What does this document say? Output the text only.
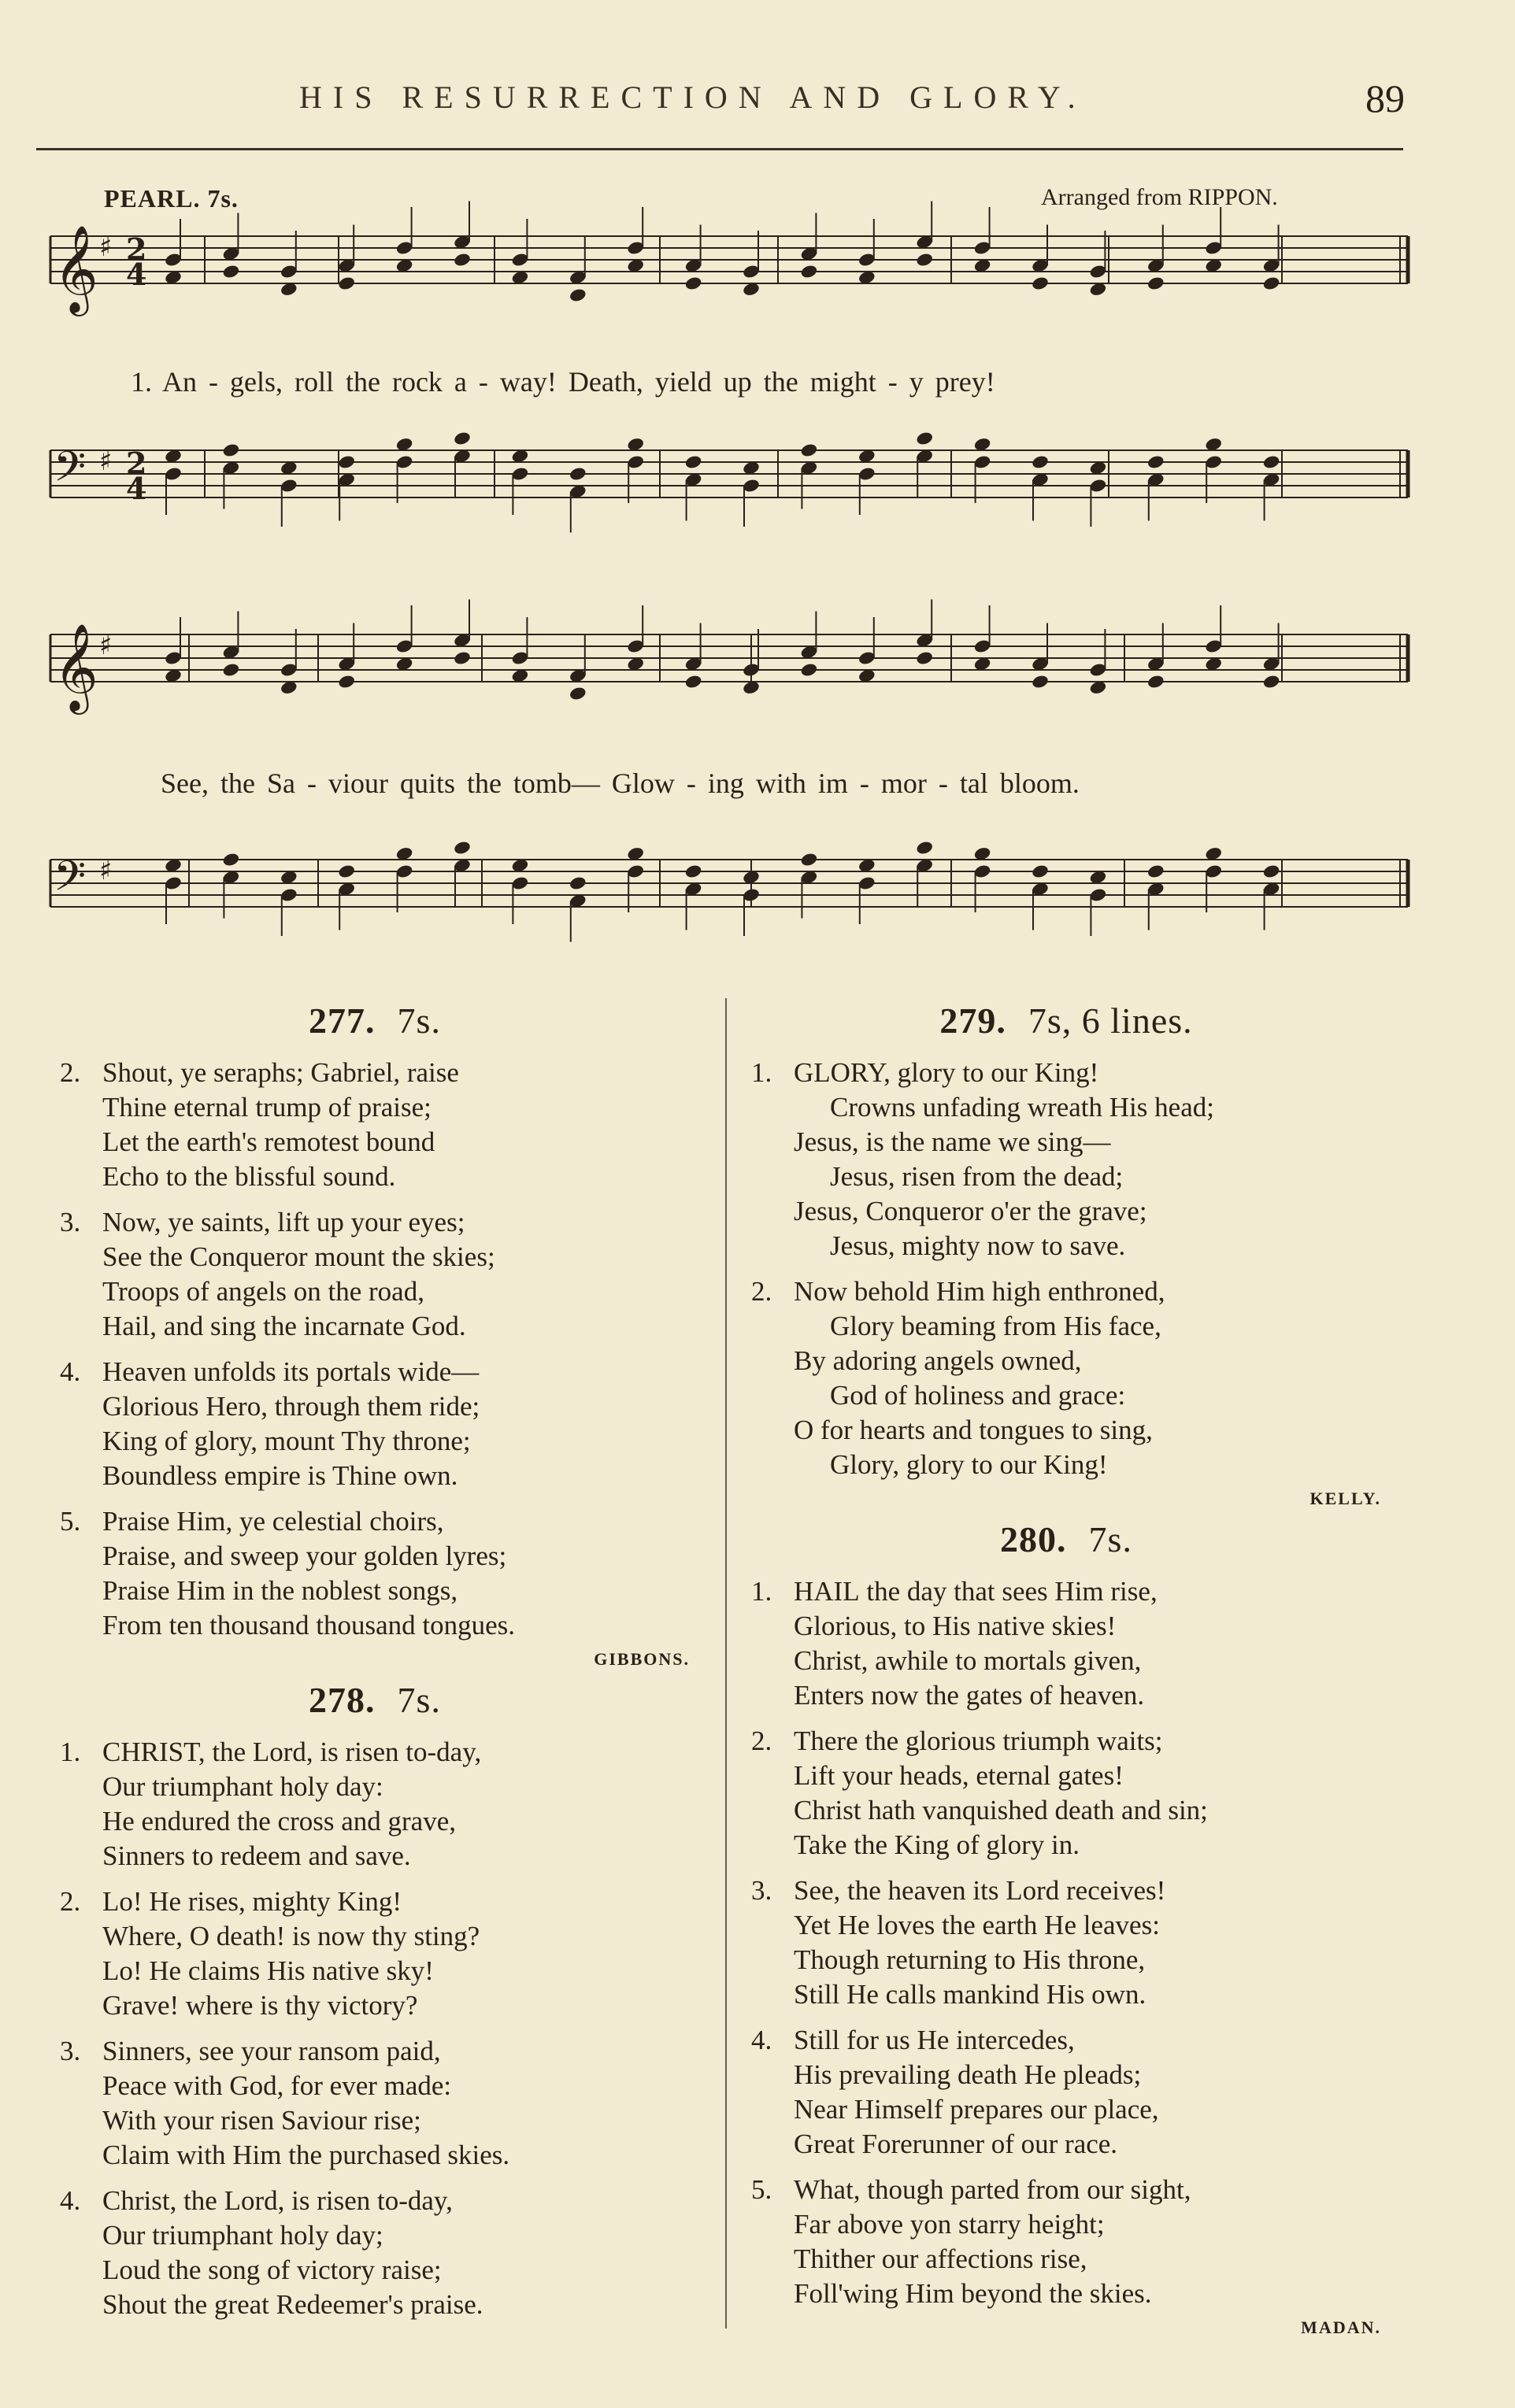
HIS RESURRECTION AND GLORY.	89
PEARL. 7s.	Arranged from RIPPON.
𝄞 ♯ 2
4
𝄢 ♯ 2
4
𝄞 ♯
𝄢 ♯
1. An - gels, roll the rock a - way! Death, yield up the might - y prey!
See, the Sa - viour quits the tomb— Glow - ing with im - mor - tal bloom.
277. 7s.
2. Shout, ye seraphs; Gabriel, raise
Thine eternal trump of praise;
Let the earth's remotest bound
Echo to the blissful sound.
3. Now, ye saints, lift up your eyes;
See the Conqueror mount the skies;
Troops of angels on the road,
Hail, and sing the incarnate God.
4. Heaven unfolds its portals wide—
Glorious Hero, through them ride;
King of glory, mount Thy throne;
Boundless empire is Thine own.
5. Praise Him, ye celestial choirs,
Praise, and sweep your golden lyres;
Praise Him in the noblest songs,
From ten thousand thousand tongues.
GIBBONS.
278. 7s.
1. CHRIST, the Lord, is risen to-day,
Our triumphant holy day:
He endured the cross and grave,
Sinners to redeem and save.
2. Lo! He rises, mighty King!
Where, O death! is now thy sting?
Lo! He claims His native sky!
Grave! where is thy victory?
3. Sinners, see your ransom paid,
Peace with God, for ever made:
With your risen Saviour rise;
Claim with Him the purchased skies.
4. Christ, the Lord, is risen to-day,
Our triumphant holy day;
Loud the song of victory raise;
Shout the great Redeemer's praise.
279. 7s, 6 lines.
1. GLORY, glory to our King!
Crowns unfading wreath His head;
Jesus, is the name we sing—
Jesus, risen from the dead;
Jesus, Conqueror o'er the grave;
Jesus, mighty now to save.
2. Now behold Him high enthroned,
Glory beaming from His face,
By adoring angels owned,
God of holiness and grace:
O for hearts and tongues to sing,
Glory, glory to our King!
KELLY.
280. 7s.
1. HAIL the day that sees Him rise,
Glorious, to His native skies!
Christ, awhile to mortals given,
Enters now the gates of heaven.
2. There the glorious triumph waits;
Lift your heads, eternal gates!
Christ hath vanquished death and sin;
Take the King of glory in.
3. See, the heaven its Lord receives!
Yet He loves the earth He leaves:
Though returning to His throne,
Still He calls mankind His own.
4. Still for us He intercedes,
His prevailing death He pleads;
Near Himself prepares our place,
Great Forerunner of our race.
5. What, though parted from our sight,
Far above yon starry height;
Thither our affections rise,
Foll'wing Him beyond the skies.
MADAN.
